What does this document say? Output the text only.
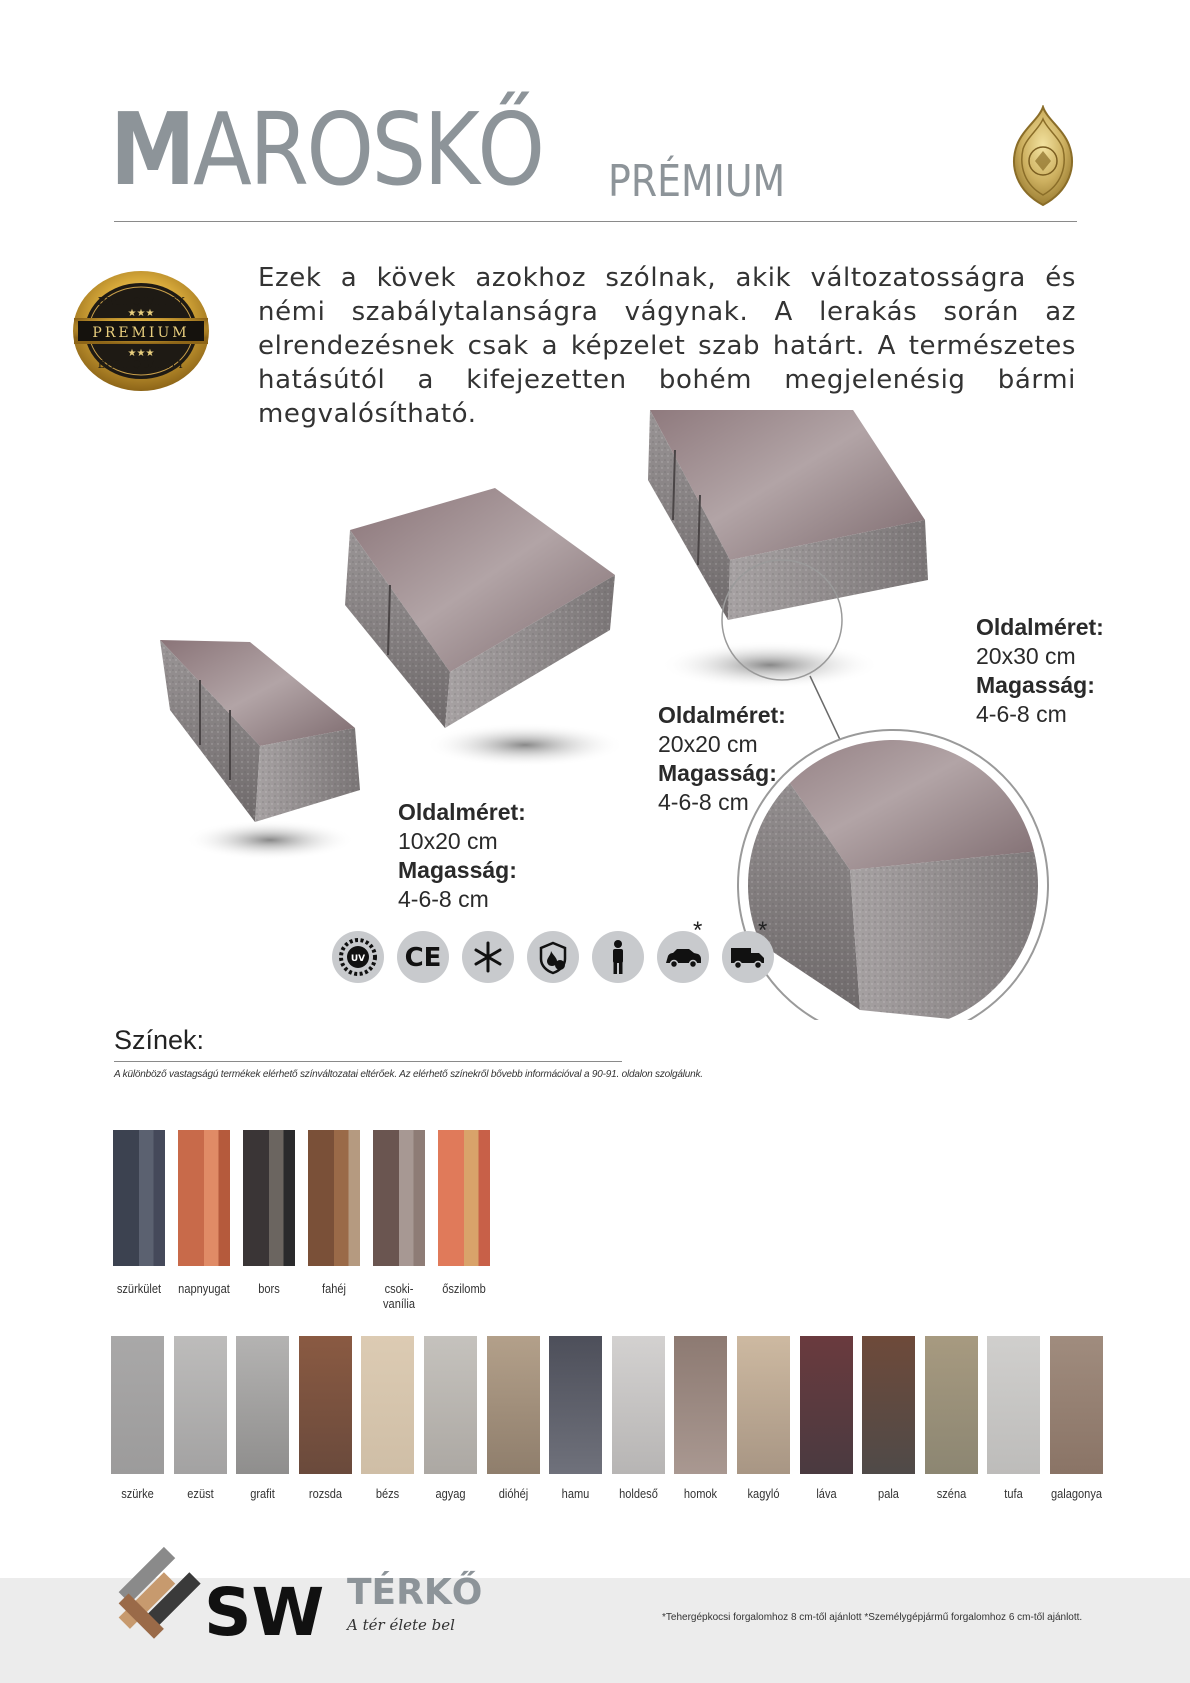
MAROSKŐ PRÉMIUM
PREMIUM
BEST QUALITY
BEST QUALITY
★★★
★★★
Ezek a kövek azokhoz szólnak, akik változatosságra és némi szabálytalanságra vágynak. A lerakás során az elrendezésnek csak a képzelet szab határt. A természetes hatásútól a kifejezetten bohém megjelenésig bármi megvalósítható.
Oldalméret:
10x20 cm
Magasság:
4-6-8 cm
Oldalméret:
20x20 cm
Magasság:
4-6-8 cm
Oldalméret:
20x30 cm
Magasság:
4-6-8 cm
UV CE
* *
Színek:
A különböző vastagságú termékek elérhető színváltozatai eltérőek. Az elérhető színekről bővebb információval a 90-91. oldalon szolgálunk.
szürkület	napnyugat	bors	fahéj	csoki-
vanília
őszilomb
szürke	ezüst	grafit	rozsda	bézs	agyag	dióhéj	hamu	holdeső	homok	kagyló	láva	pala	széna	tufa	galagonya
SW TÉRKŐ
A tér élete bel	*Tehergépkocsi forgalomhoz 8 cm-től ajánlott *Személygépjármű forgalomhoz 6 cm-től ajánlott.
